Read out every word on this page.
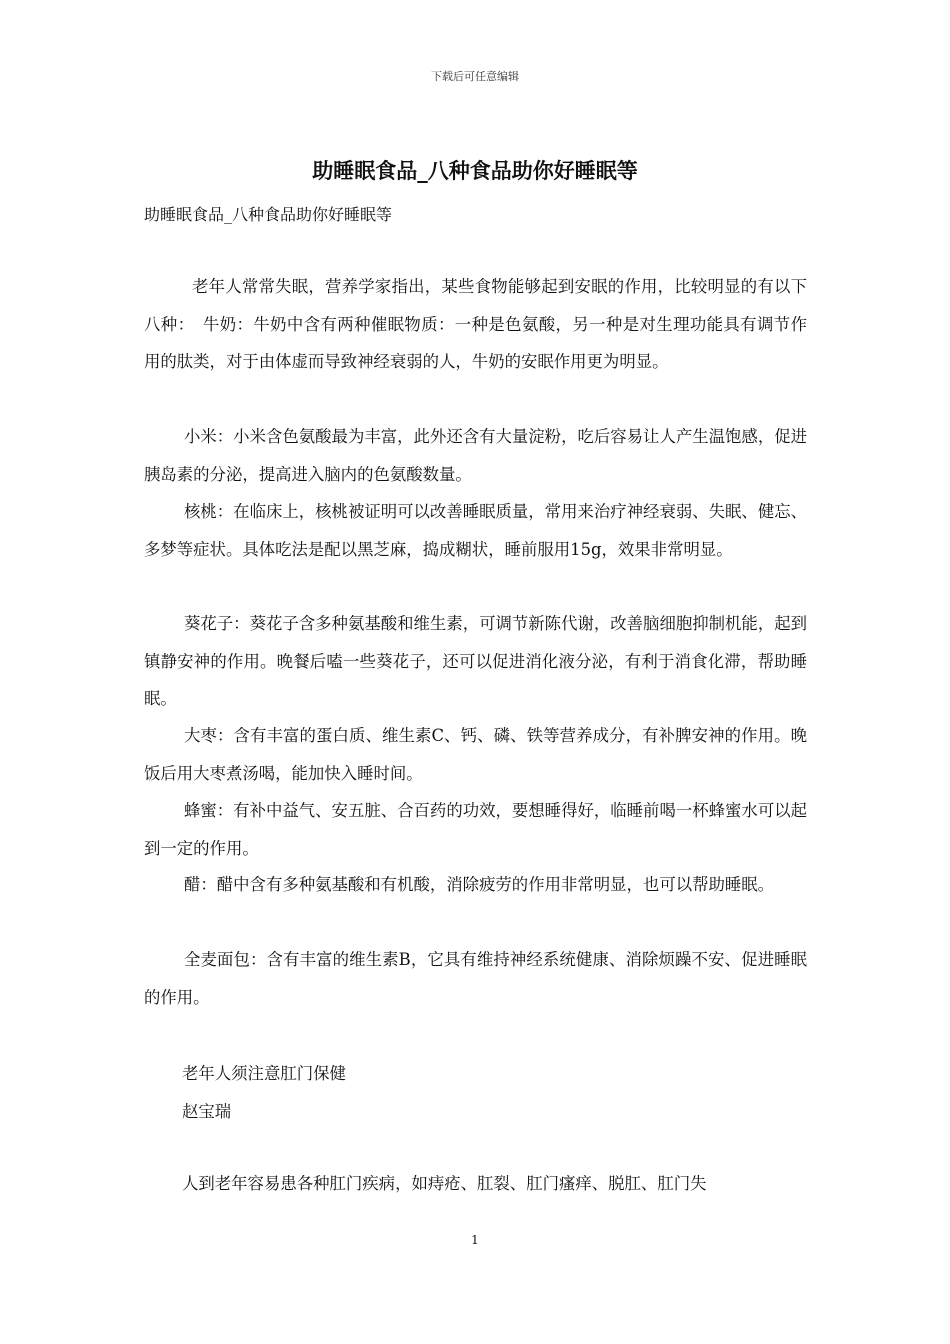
下载后可任意编辑
助睡眠食品_八种食品助你好睡眠等

助睡眠食品_八种食品助你好睡眠等

老年人常常失眠，营养学家指出，某些食物能够起到安眠的作用，比较明显的有以下八种：　牛奶：牛奶中含有两种催眠物质：一种是色氨酸，另一种是对生理功能具有调节作用的肽类，对于由体虚而导致神经衰弱的人，牛奶的安眠作用更为明显。

小米：小米含色氨酸最为丰富，此外还含有大量淀粉，吃后容易让人产生温饱感，促进胰岛素的分泌，提高进入脑内的色氨酸数量。

核桃：在临床上，核桃被证明可以改善睡眠质量，常用来治疗神经衰弱、失眠、健忘、多梦等症状。具体吃法是配以黑芝麻，捣成糊状，睡前服用15g，效果非常明显。

葵花子：葵花子含多种氨基酸和维生素，可调节新陈代谢，改善脑细胞抑制机能，起到镇静安神的作用。晚餐后嗑一些葵花子，还可以促进消化液分泌，有利于消食化滞，帮助睡眠。

大枣：含有丰富的蛋白质、维生素C、钙、磷、铁等营养成分，有补脾安神的作用。晚饭后用大枣煮汤喝，能加快入睡时间。

蜂蜜：有补中益气、安五脏、合百药的功效，要想睡得好，临睡前喝一杯蜂蜜水可以起到一定的作用。

醋：醋中含有多种氨基酸和有机酸，消除疲劳的作用非常明显，也可以帮助睡眠。

全麦面包：含有丰富的维生素B，它具有维持神经系统健康、消除烦躁不安、促进睡眠的作用。

老年人须注意肛门保健

赵宝瑞

人到老年容易患各种肛门疾病，如痔疮、肛裂、肛门瘙痒、脱肛、肛门失

1
